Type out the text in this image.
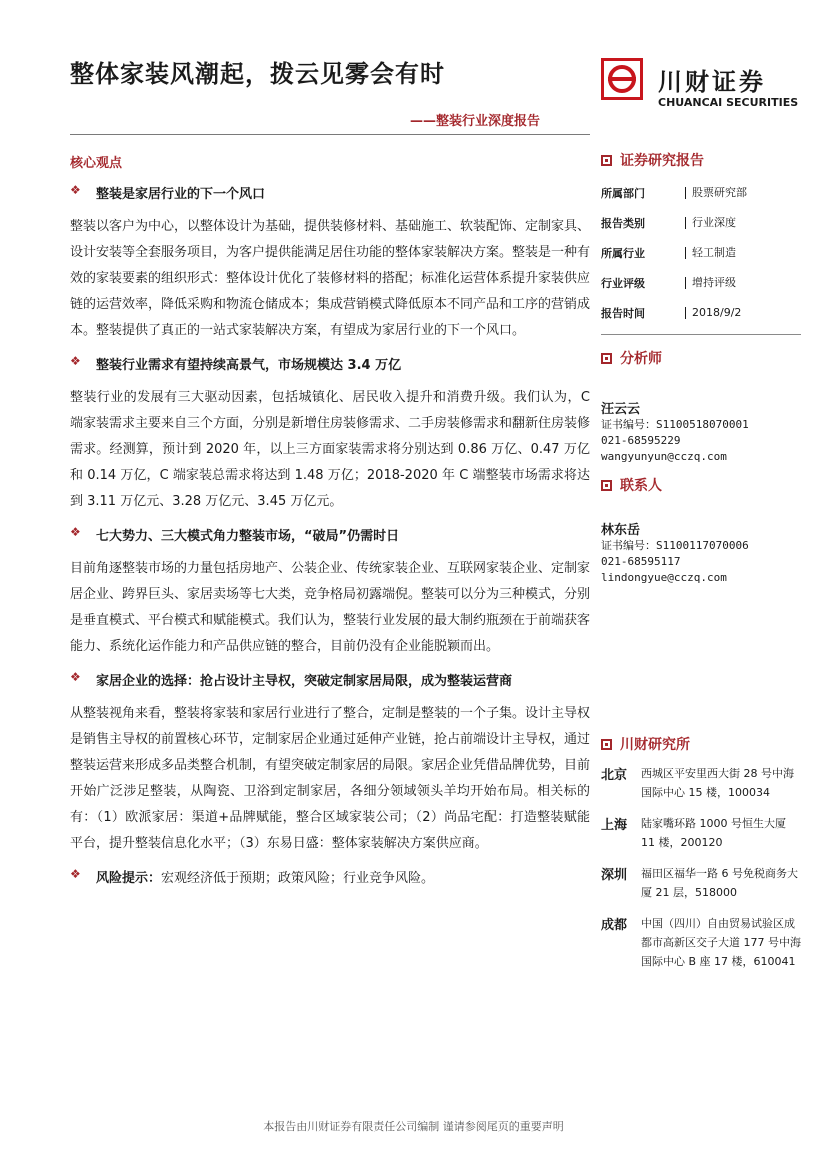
整体家装风潮起，拨云见雾会有时
——整装行业深度报告
川财证券
CHUANCAI SECURITIES
核心观点
❖	整装是家居行业的下一个风口

整装以客户为中心，以整体设计为基础，提供装修材料、基础施工、软装配饰、定制家具、设计安装等全套服务项目，为客户提供能满足居住功能的整体家装解决方案。整装是一种有效的家装要素的组织形式：整体设计优化了装修材料的搭配；标准化运营体系提升家装供应链的运营效率，降低采购和物流仓储成本；集成营销模式降低原本不同产品和工序的营销成本。整装提供了真正的一站式家装解决方案，有望成为家居行业的下一个风口。

❖	整装行业需求有望持续高景气，市场规模达 3.4 万亿

整装行业的发展有三大驱动因素，包括城镇化、居民收入提升和消费升级。我们认为，C 端家装需求主要来自三个方面，分别是新增住房装修需求、二手房装修需求和翻新住房装修需求。经测算，预计到 2020 年，以上三方面家装需求将分别达到 0.86 万亿、0.47 万亿和 0.14 万亿，C 端家装总需求将达到 1.48 万亿；2018-2020 年 C 端整装市场需求将达到 3.11 万亿元、3.28 万亿元、3.45 万亿元。

❖	七大势力、三大模式角力整装市场，“破局”仍需时日

目前角逐整装市场的力量包括房地产、公装企业、传统家装企业、互联网家装企业、定制家居企业、跨界巨头、家居卖场等七大类，竞争格局初露端倪。整装可以分为三种模式，分别是垂直模式、平台模式和赋能模式。我们认为，整装行业发展的最大制约瓶颈在于前端获客能力、系统化运作能力和产品供应链的整合，目前仍没有企业能脱颖而出。

❖	家居企业的选择：抢占设计主导权，突破定制家居局限，成为整装运营商

从整装视角来看，整装将家装和家居行业进行了整合，定制是整装的一个子集。设计主导权是销售主导权的前置核心环节，定制家居企业通过延伸产业链，抢占前端设计主导权，通过整装运营来形成多品类整合机制，有望突破定制家居的局限。家居企业凭借品牌优势，目前开始广泛涉足整装，从陶瓷、卫浴到定制家居，各细分领域领头羊均开始布局。相关标的有：（1）欧派家居：渠道+品牌赋能，整合区域家装公司；（2）尚品宅配：打造整装赋能平台，提升整装信息化水平；（3）东易日盛：整体家装解决方案供应商。

❖	风险提示：宏观经济低于预期；政策风险；行业竞争风险。
证券研究报告
所属部门	股票研究部
报告类别	行业深度
所属行业	轻工制造
行业评级	增持评级
报告时间	2018/9/2
分析师
汪云云
证书编号：S1100518070001
021-68595229
wangyunyun@cczq.com
联系人
林东岳
证书编号：S1100117070006
021-68595117
lindongyue@cczq.com
川财研究所
北京	西城区平安里西大街 28 号中海国际中心 15 楼，100034
上海	陆家嘴环路 1000 号恒生大厦 11 楼，200120
深圳	福田区福华一路 6 号免税商务大厦 21 层，518000
成都	中国（四川）自由贸易试验区成都市高新区交子大道 177 号中海国际中心 B 座 17 楼，610041
本报告由川财证券有限责任公司编制 谨请参阅尾页的重要声明
